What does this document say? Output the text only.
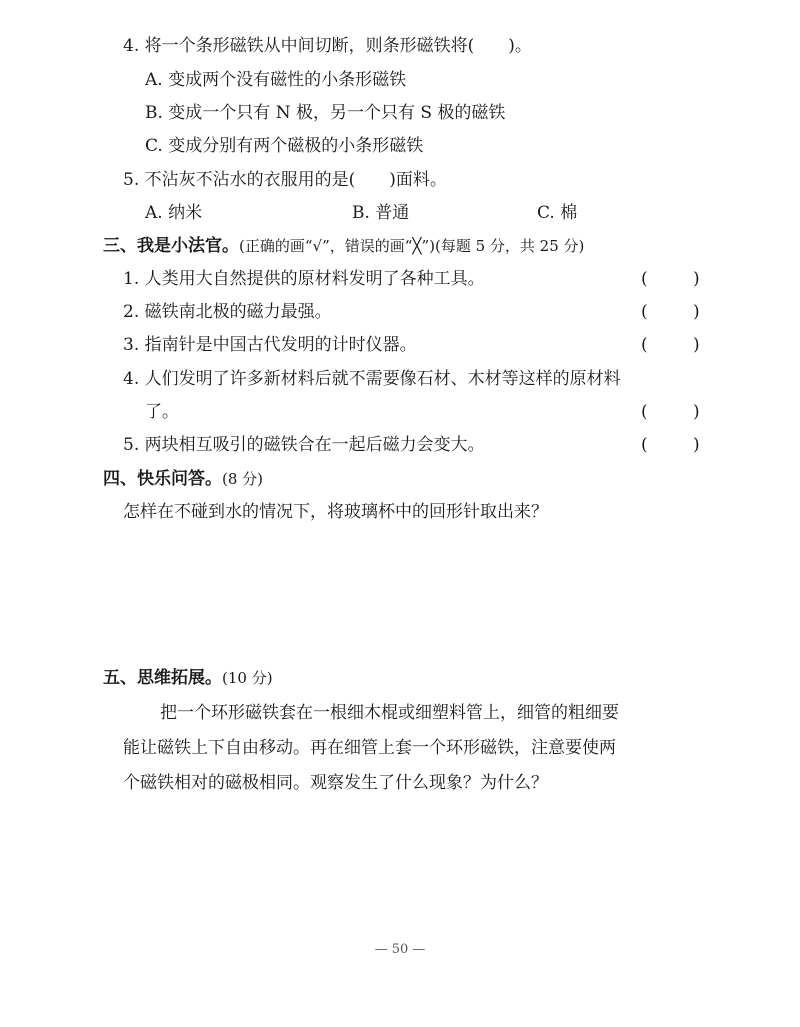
4. 将一个条形磁铁从中间切断，则条形磁铁将(　　)。
A. 变成两个没有磁性的小条形磁铁
B. 变成一个只有 N 极，另一个只有 S 极的磁铁
C. 变成分别有两个磁极的小条形磁铁
5. 不沾灰不沾水的衣服用的是(　　)面料。
A. 纳米	B. 普通	C. 棉
三、我是小法官。(正确的画“√”，错误的画“╳”)(每题 5 分，共 25 分)
1. 人类用大自然提供的原材料发明了各种工具。	(	)
2. 磁铁南北极的磁力最强。	(	)
3. 指南针是中国古代发明的计时仪器。	(	)
4. 人们发明了许多新材料后就不需要像石材、木材等这样的原材料
了。	(	)
5. 两块相互吸引的磁铁合在一起后磁力会变大。	(	)
四、快乐问答。(8 分)
怎样在不碰到水的情况下，将玻璃杯中的回形针取出来？
五、思维拓展。(10 分)
把一个环形磁铁套在一根细木棍或细塑料管上，细管的粗细要
能让磁铁上下自由移动。再在细管上套一个环形磁铁，注意要使两
个磁铁相对的磁极相同。观察发生了什么现象？为什么？
— 50 —
